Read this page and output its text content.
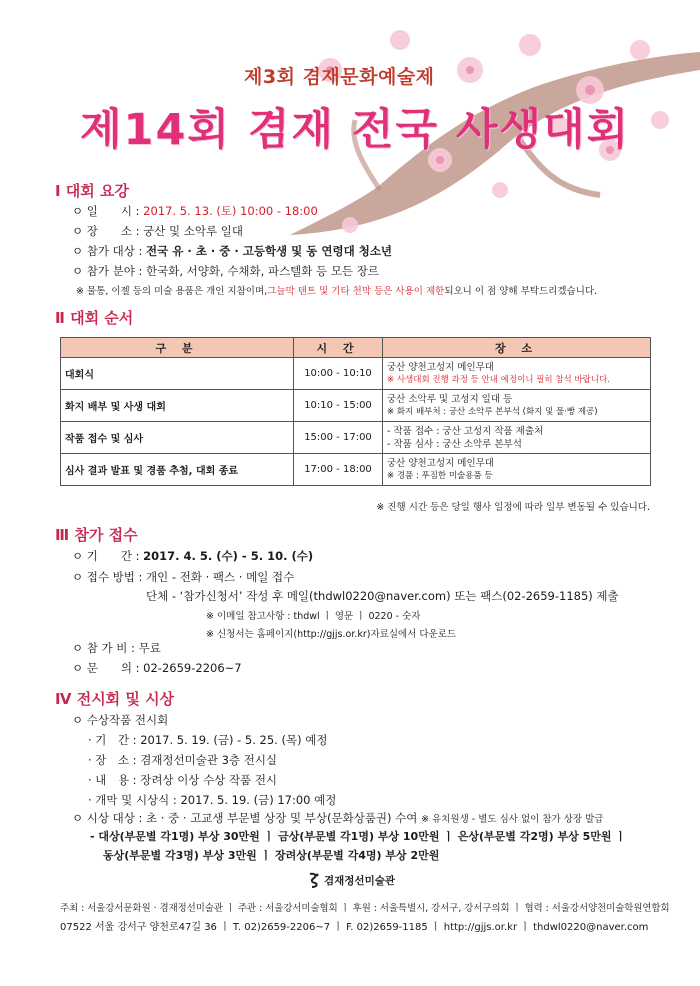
제3회 겸재문화예술제
제14회 겸재 전국 사생대회
Ⅰ 대회 요강
ㅇ 일　　시 : 2017. 5. 13. (토) 10:00 - 18:00
ㅇ 장　　소 : 궁산 및 소악루 일대
ㅇ 참가 대상 : 전국 유 · 초 · 중 · 고등학생 및 동 연령대 청소년
ㅇ 참가 분야 : 한국화, 서양화, 수채화, 파스텔화 등 모든 장르
※ 물통, 이젤 등의 미술 용품은 개인 지참이며,그늘막 텐트 및 기타 천막 등은 사용이 제한되오니 이 점 양해 부탁드리겠습니다.
Ⅱ 대회 순서
구 분	시 간	장 소
대회식	10:00 - 10:10	궁산 양천고성지 메인무대
※ 사생대회 진행 과정 등 안내 예정이니 필히 참석 바랍니다.

화지 배부 및 사생 대회	10:10 - 15:00	궁산 소악루 및 고성지 일대 등
※ 화지 배부처 : 궁산 소악루 본부석 (화지 및 물·빵 제공)

작품 접수 및 심사	15:00 - 17:00	- 작품 접수 : 궁산 고성지 작품 제출처
- 작품 심사 : 궁산 소악루 본부석

심사 결과 발표 및 경품 추첨, 대회 종료	17:00 - 18:00	궁산 양천고성지 메인무대
※ 경품 : 푸짐한 미술용품 등
※ 진행 시간 등은 당일 행사 일정에 따라 일부 변동될 수 있습니다.
Ⅲ 참가 접수
ㅇ 기　　간 : 2017. 4. 5. (수) - 5. 10. (수)
ㅇ 접수 방법 : 개인 - 전화 · 팩스 · 메일 접수
단체 - ‘참가신청서’ 작성 후 메일(thdwl0220@naver.com) 또는 팩스(02-2659-1185) 제출
※ 이메일 참고사항 : thdwl ㅣ 영문 ㅣ 0220 - 숫자
※ 신청서는 홈페이지(http://gjjs.or.kr)자료실에서 다운로드
ㅇ 참 가 비 : 무료
ㅇ 문　　의 : 02-2659-2206~7
Ⅳ 전시회 및 시상
ㅇ 수상작품 전시회
· 기　간 : 2017. 5. 19. (금) - 5. 25. (목) 예정
· 장　소 : 겸재정선미술관 3층 전시실
· 내　용 : 장려상 이상 수상 작품 전시
· 개막 및 시상식 : 2017. 5. 19. (금) 17:00 예정
ㅇ 시상 대상 : 초 · 중 · 고교생 부문별 상장 및 부상(문화상품권) 수여 ※ 유치원생 - 별도 심사 없이 참가 상장 발급
- 대상(부문별 각1명) 부상 30만원 ㅣ 금상(부문별 각1명) 부상 10만원 ㅣ 은상(부문별 각2명) 부상 5만원 ㅣ
동상(부문별 각3명) 부상 3만원 ㅣ 장려상(부문별 각4명) 부상 2만원
겸재정선미술관
주최 : 서울강서문화원 · 겸재정선미술관 ㅣ 주관 : 서울강서미술협회 ㅣ 후원 : 서울특별시, 강서구, 강서구의회 ㅣ 협력 : 서울강서양천미술학원연합회
07522 서울 강서구 양천로47길 36 ㅣ T. 02)2659-2206~7 ㅣ F. 02)2659-1185 ㅣ http://gjjs.or.kr ㅣ thdwl0220@naver.com
